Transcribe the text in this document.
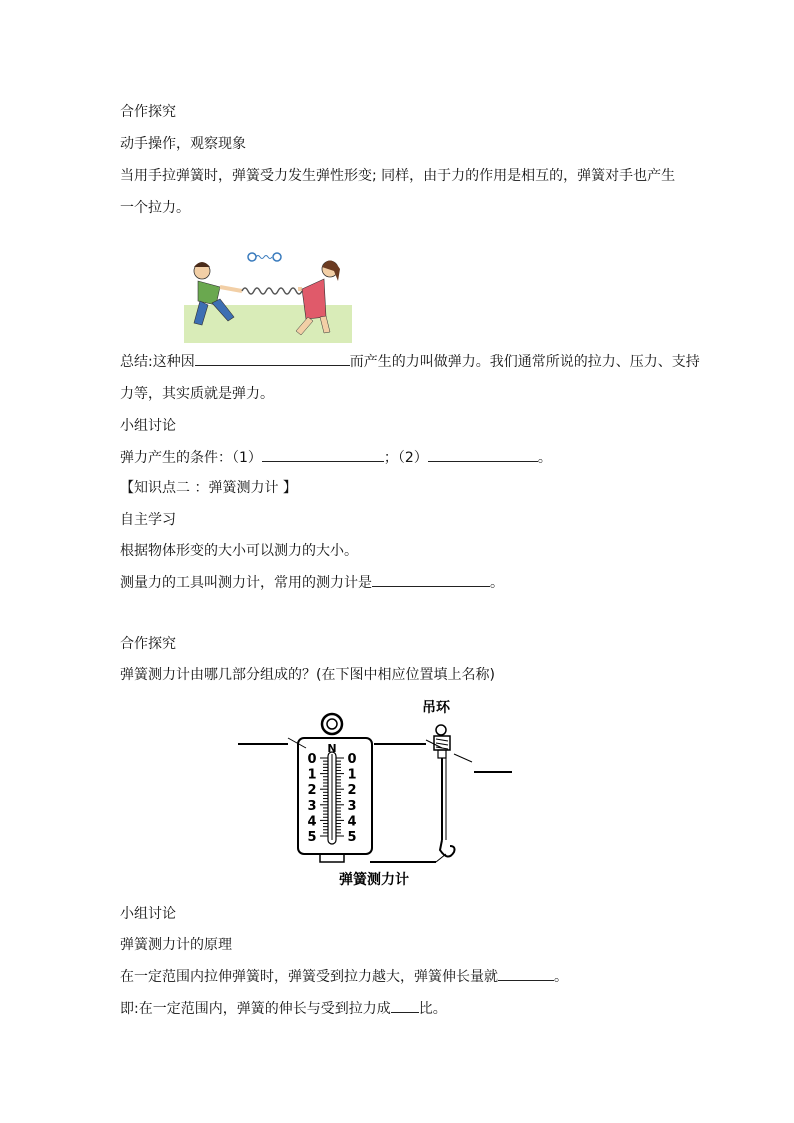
合作探究
动手操作，观察现象
当用手拉弹簧时，弹簧受力发生弹性形变; 同样，由于力的作用是相互的，弹簧对手也产生
一个拉力。
总结:这种因	而产生的力叫做弹力。我们通常所说的拉力、压力、支持
力等，其实质就是弹力。
小组讨论
弹力产生的条件：（1）	；（2）	。
【知识点二 ：弹簧测力计 】
自主学习
根据物体形变的大小可以测力的大小。
测量力的工具叫测力计，常用的测力计是	。
合作探究
弹簧测力计由哪几部分组成的？(在下图中相应位置填上名称)
N
0
1
2
3
4
5
0
1
2
3
4
5
吊环
弹簧测力计
小组讨论
弹簧测力计的原理
在一定范围内拉伸弹簧时，弹簧受到拉力越大，弹簧伸长量就	。
即:在一定范围内，弹簧的伸长与受到拉力成 比。
